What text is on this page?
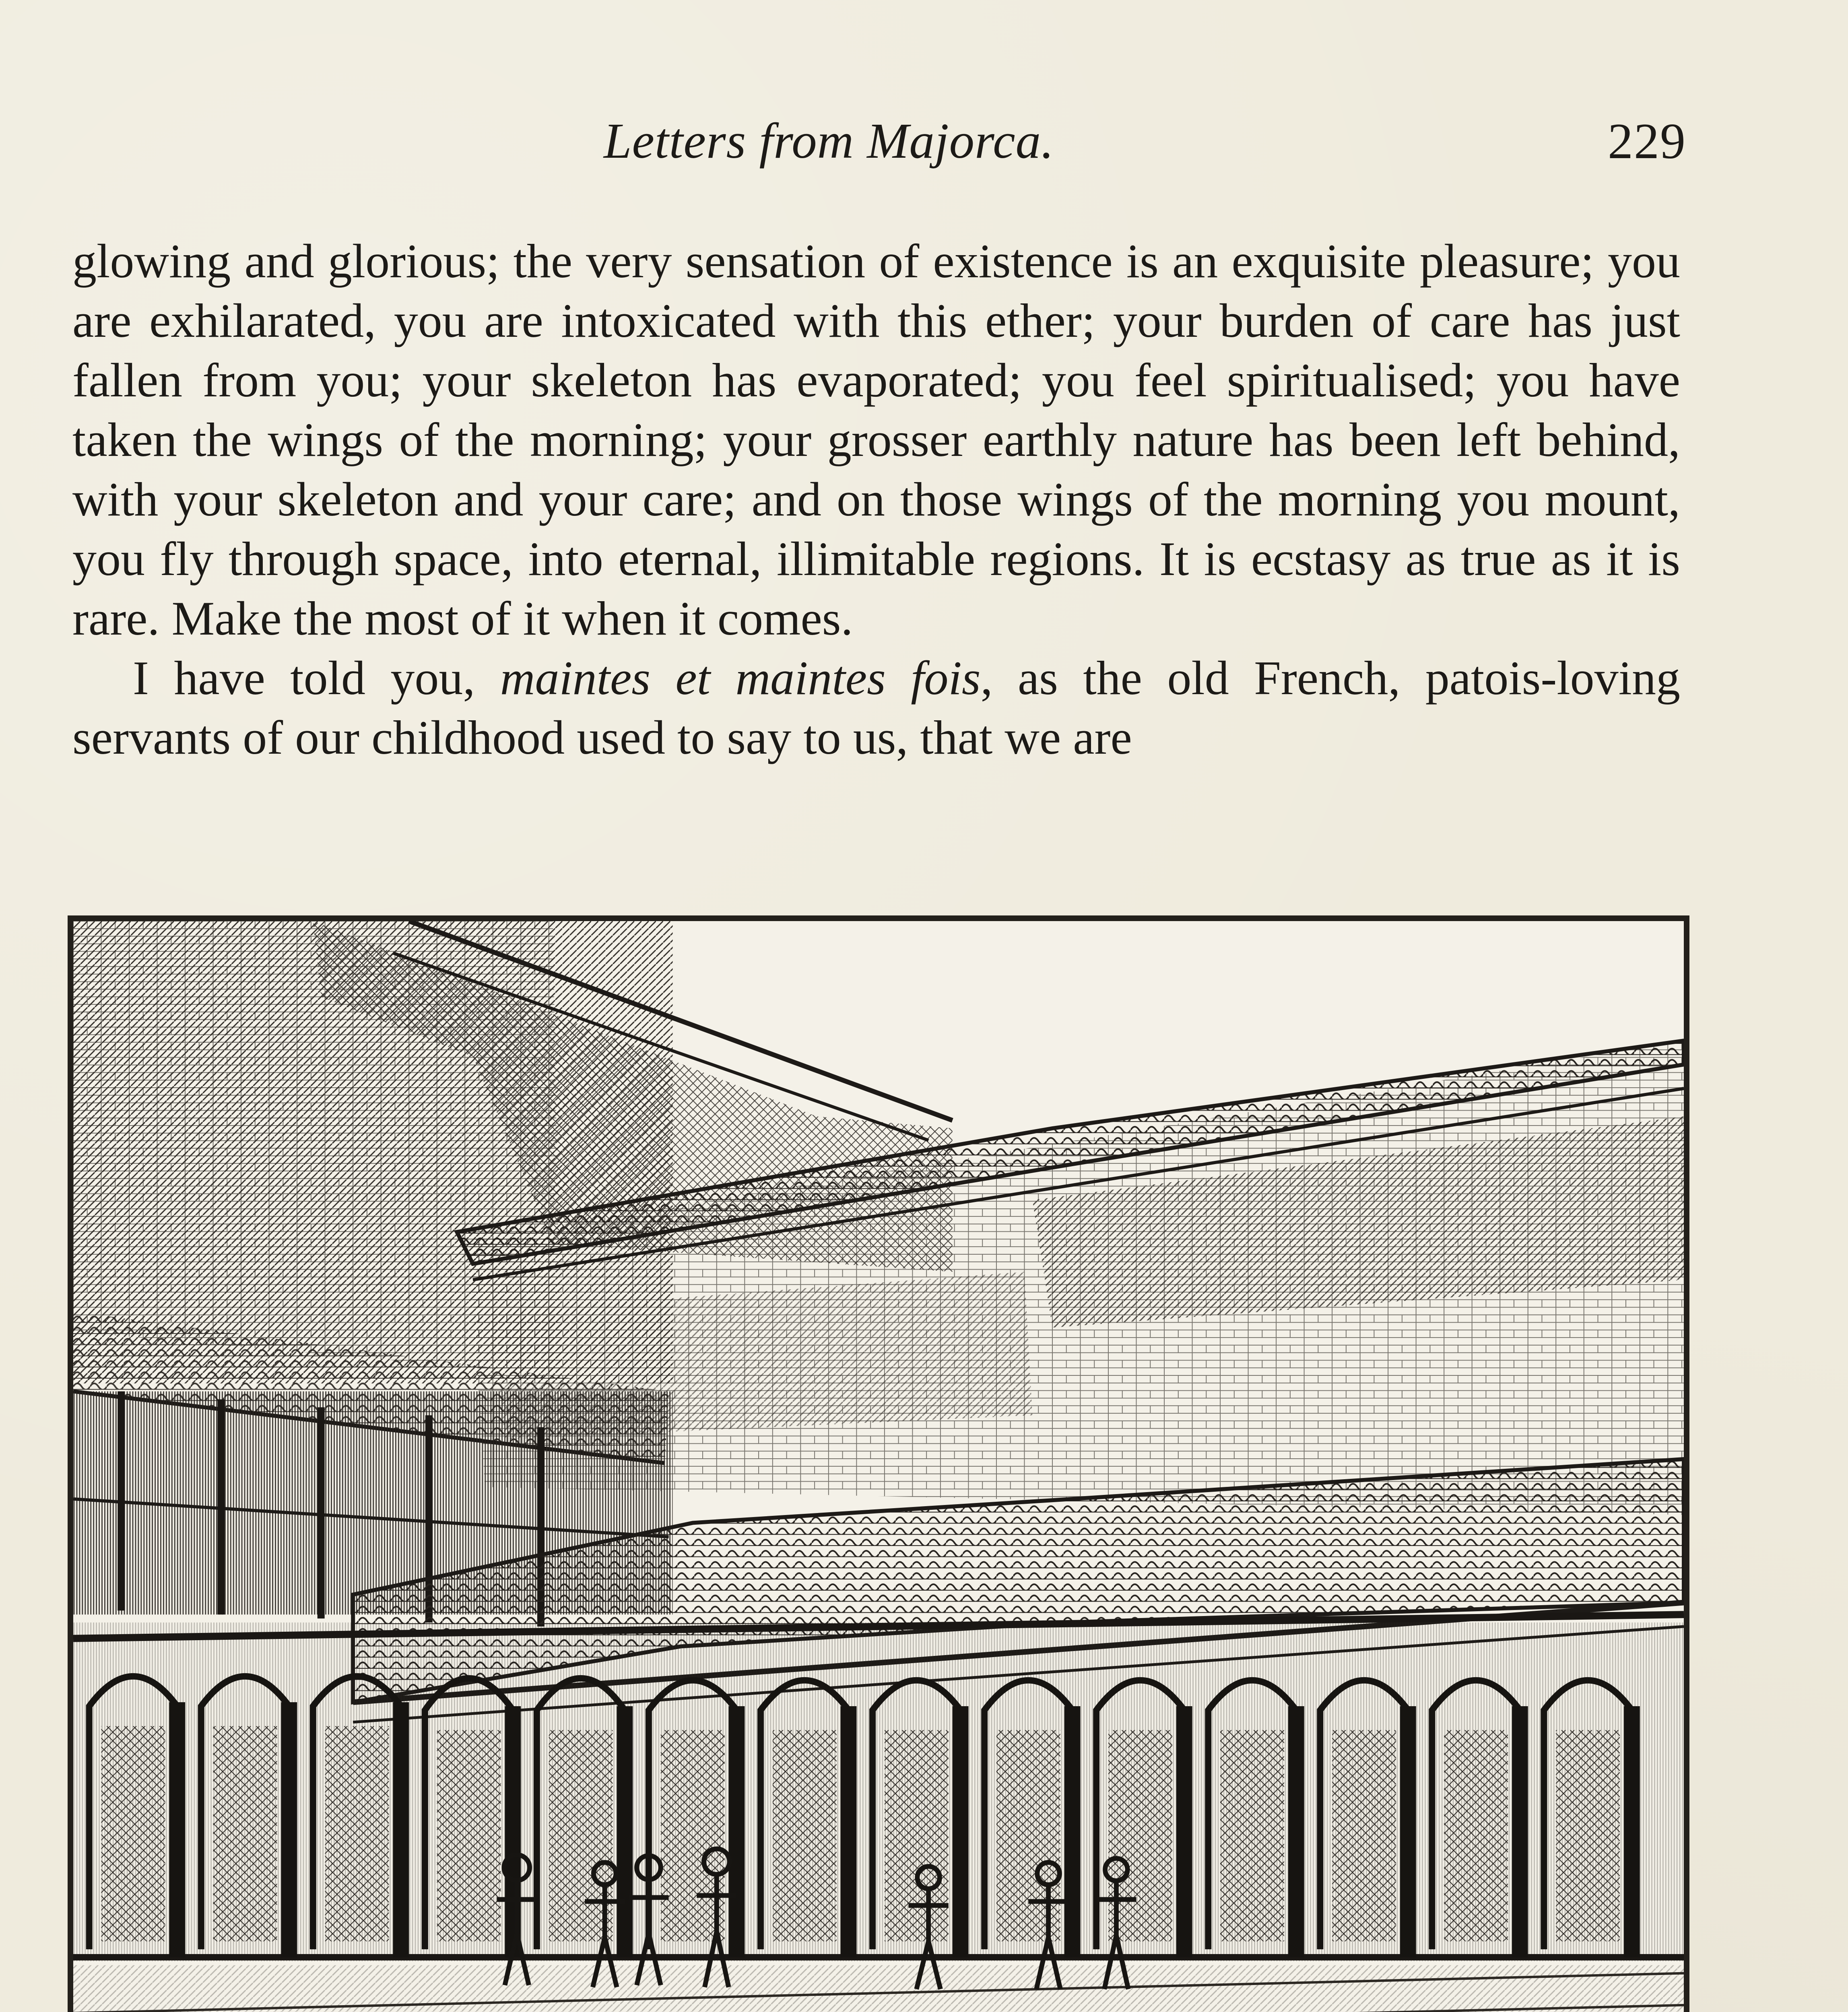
Letters from Majorca.	229

glowing and glorious; the very sensation of existence is an exquisite pleasure; you are exhilarated, you are intoxicated with this ether; your burden of care has just fallen from you; your skeleton has evaporated; you feel spiritualised; you have taken the wings of the morning; your grosser earthly nature has been left behind, with your skeleton and your care; and on those wings of the morning you mount, you fly through space, into eternal, illimitable regions. It is ecstasy as true as it is rare. Make the most of it when it comes.

I have told you, maintes et maintes fois, as the old French, patois-loving servants of our childhood used to say to us, that we are
